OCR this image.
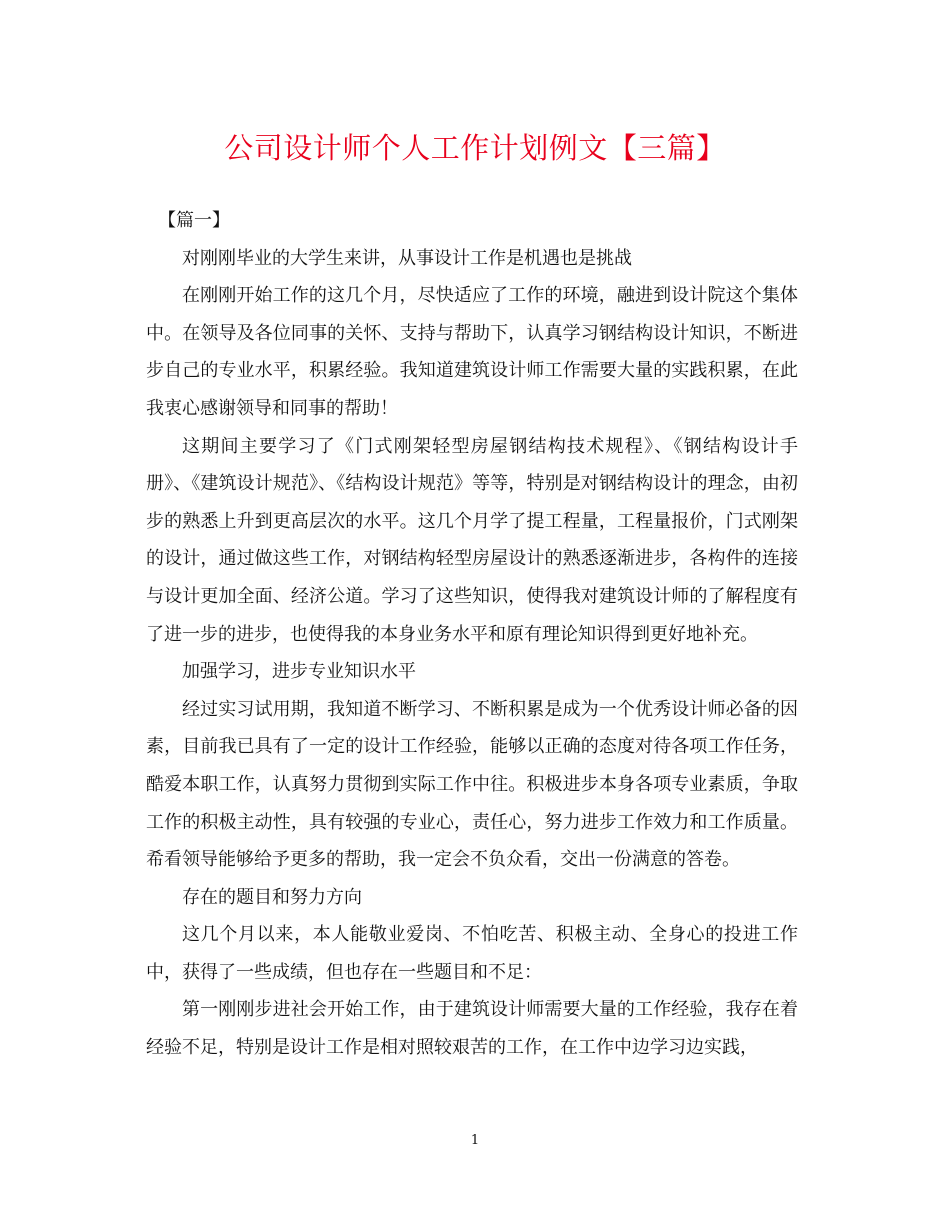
公司设计师个人工作计划例文【三篇】

【篇一】

对刚刚毕业的大学生来讲，从事设计工作是机遇也是挑战

在刚刚开始工作的这几个月，尽快适应了工作的环境，融进到设计院这个集体中。在领导及各位同事的关怀、支持与帮助下，认真学习钢结构设计知识，不断进步自己的专业水平，积累经验。我知道建筑设计师工作需要大量的实践积累，在此我衷心感谢领导和同事的帮助！

这期间主要学习了《门式刚架轻型房屋钢结构技术规程》、《钢结构设计手册》、《建筑设计规范》、《结构设计规范》等等，特别是对钢结构设计的理念，由初步的熟悉上升到更高层次的水平。这几个月学了提工程量，工程量报价，门式刚架的设计，通过做这些工作，对钢结构轻型房屋设计的熟悉逐渐进步，各构件的连接与设计更加全面、经济公道。学习了这些知识，使得我对建筑设计师的了解程度有了进一步的进步，也使得我的本身业务水平和原有理论知识得到更好地补充。

加强学习，进步专业知识水平

经过实习试用期，我知道不断学习、不断积累是成为一个优秀设计师必备的因素，目前我已具有了一定的设计工作经验，能够以正确的态度对待各项工作任务，酷爱本职工作，认真努力贯彻到实际工作中往。积极进步本身各项专业素质，争取工作的积极主动性，具有较强的专业心，责任心，努力进步工作效力和工作质量。希看领导能够给予更多的帮助，我一定会不负众看，交出一份满意的答卷。

存在的题目和努力方向

这几个月以来，本人能敬业爱岗、不怕吃苦、积极主动、全身心的投进工作中，获得了一些成绩，但也存在一些题目和不足：

第一刚刚步进社会开始工作，由于建筑设计师需要大量的工作经验，我存在着经验不足，特别是设计工作是相对照较艰苦的工作，在工作中边学习边实践，

1
